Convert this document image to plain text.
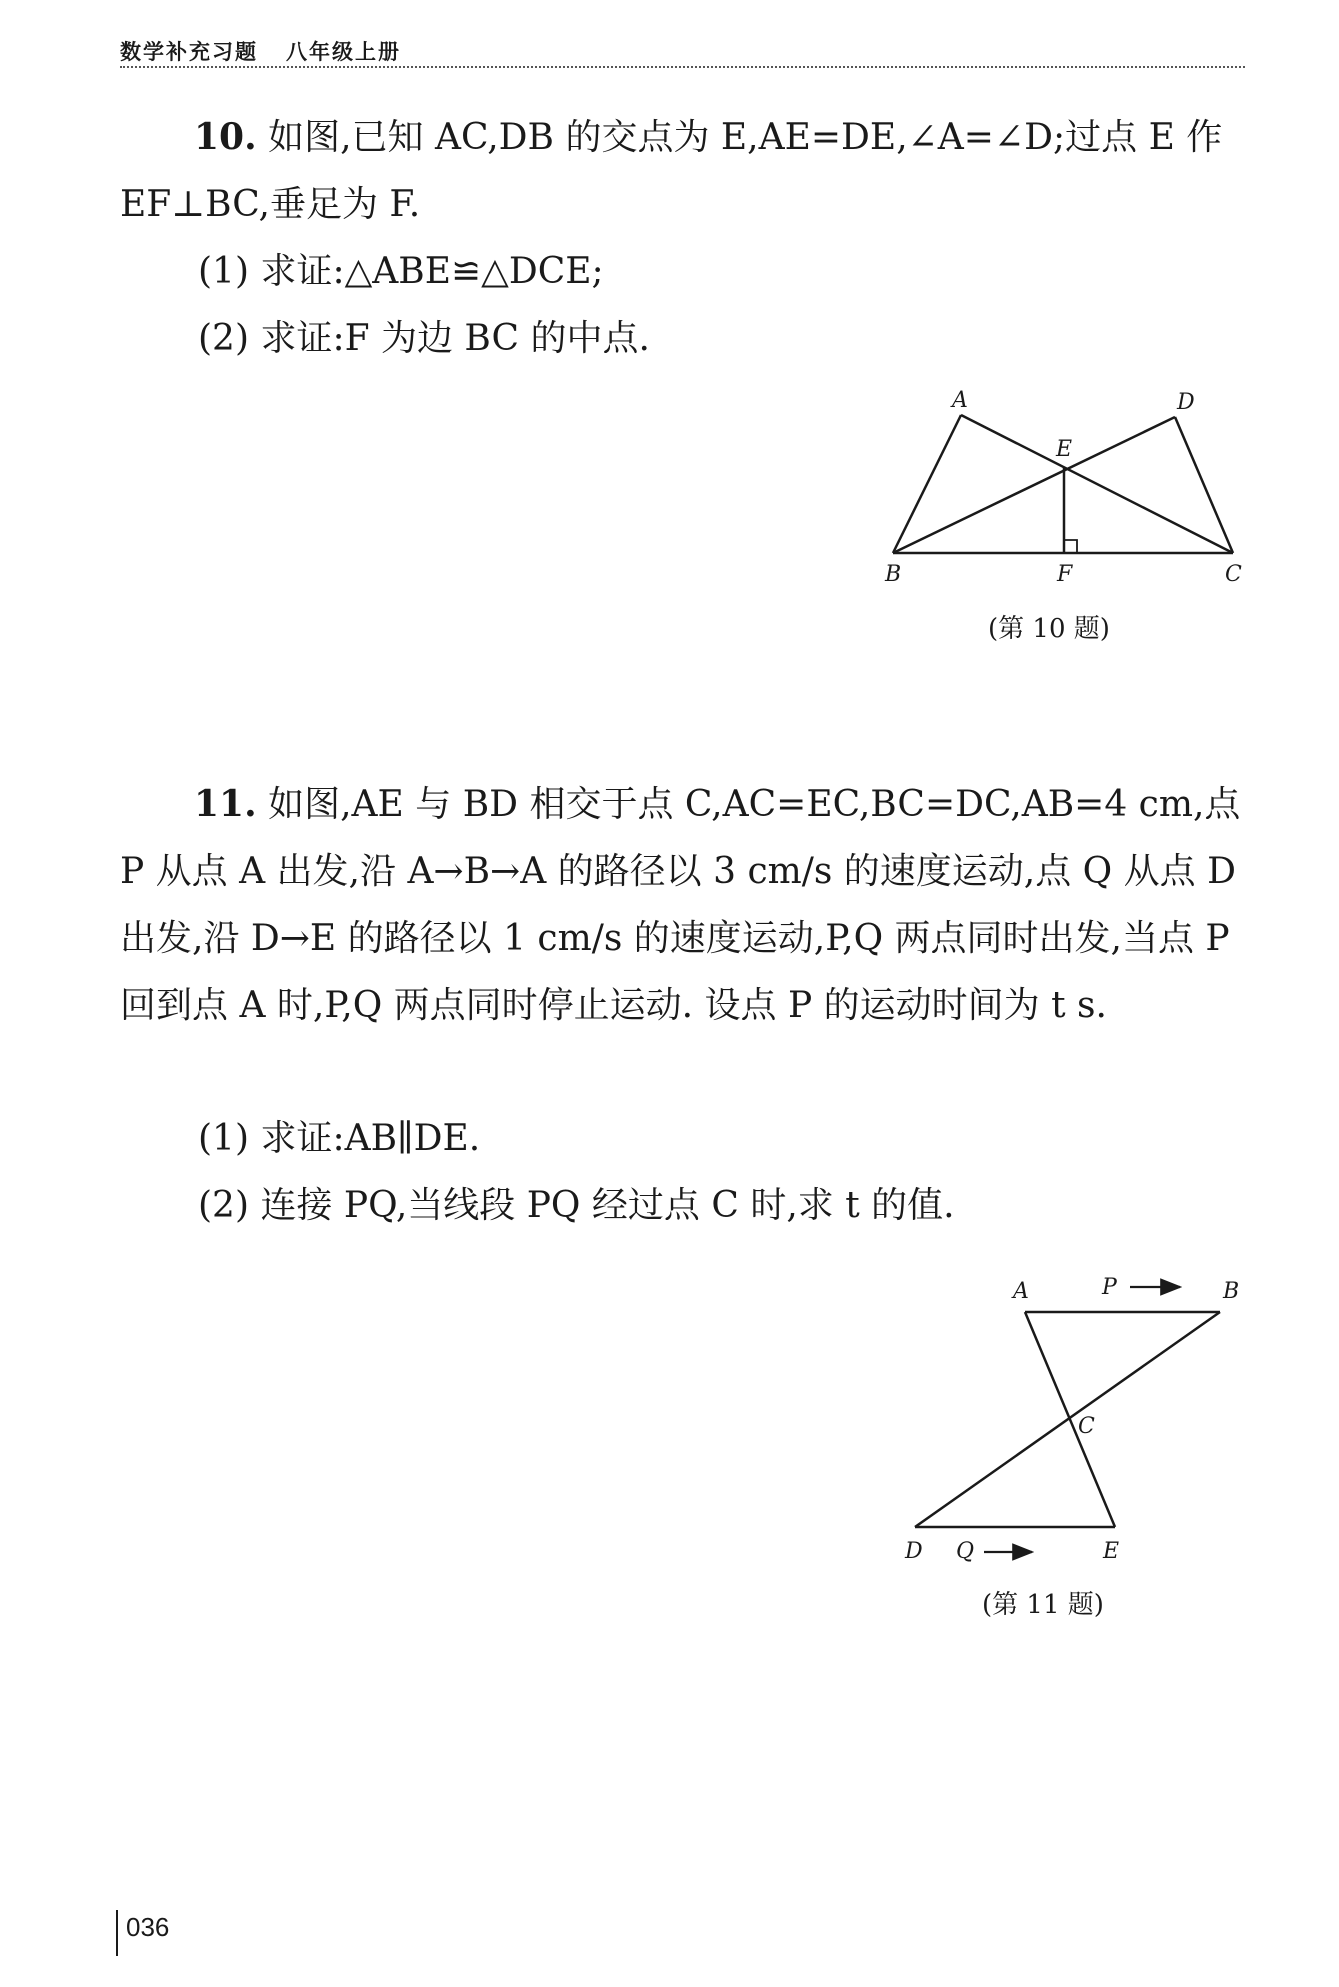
数学补充习题 八年级上册

10. 如图,已知 AC,DB 的交点为 E,AE=DE,∠A=∠D;过点 E 作 EF⊥BC,垂足为 F.

(1) 求证:△ABE≌△DCE;

(2) 求证:F 为边 BC 的中点.

A	D
E
B	F	C
(第 10 题)

11. 如图,AE 与 BD 相交于点 C,AC=EC,BC=DC,AB=4 cm,点 P 从点 A 出发,沿 A→B→A 的路径以 3 cm/s 的速度运动,点 Q 从点 D 出发,沿 D→E 的路径以 1 cm/s 的速度运动,P,Q 两点同时出发,当点 P 回到点 A 时,P,Q 两点同时停止运动. 设点 P 的运动时间为 t s.

(1) 求证:AB∥DE.

(2) 连接 PQ,当线段 PQ 经过点 C 时,求 t 的值.

A	P	B
C
D Q	E
(第 11 题)
036
